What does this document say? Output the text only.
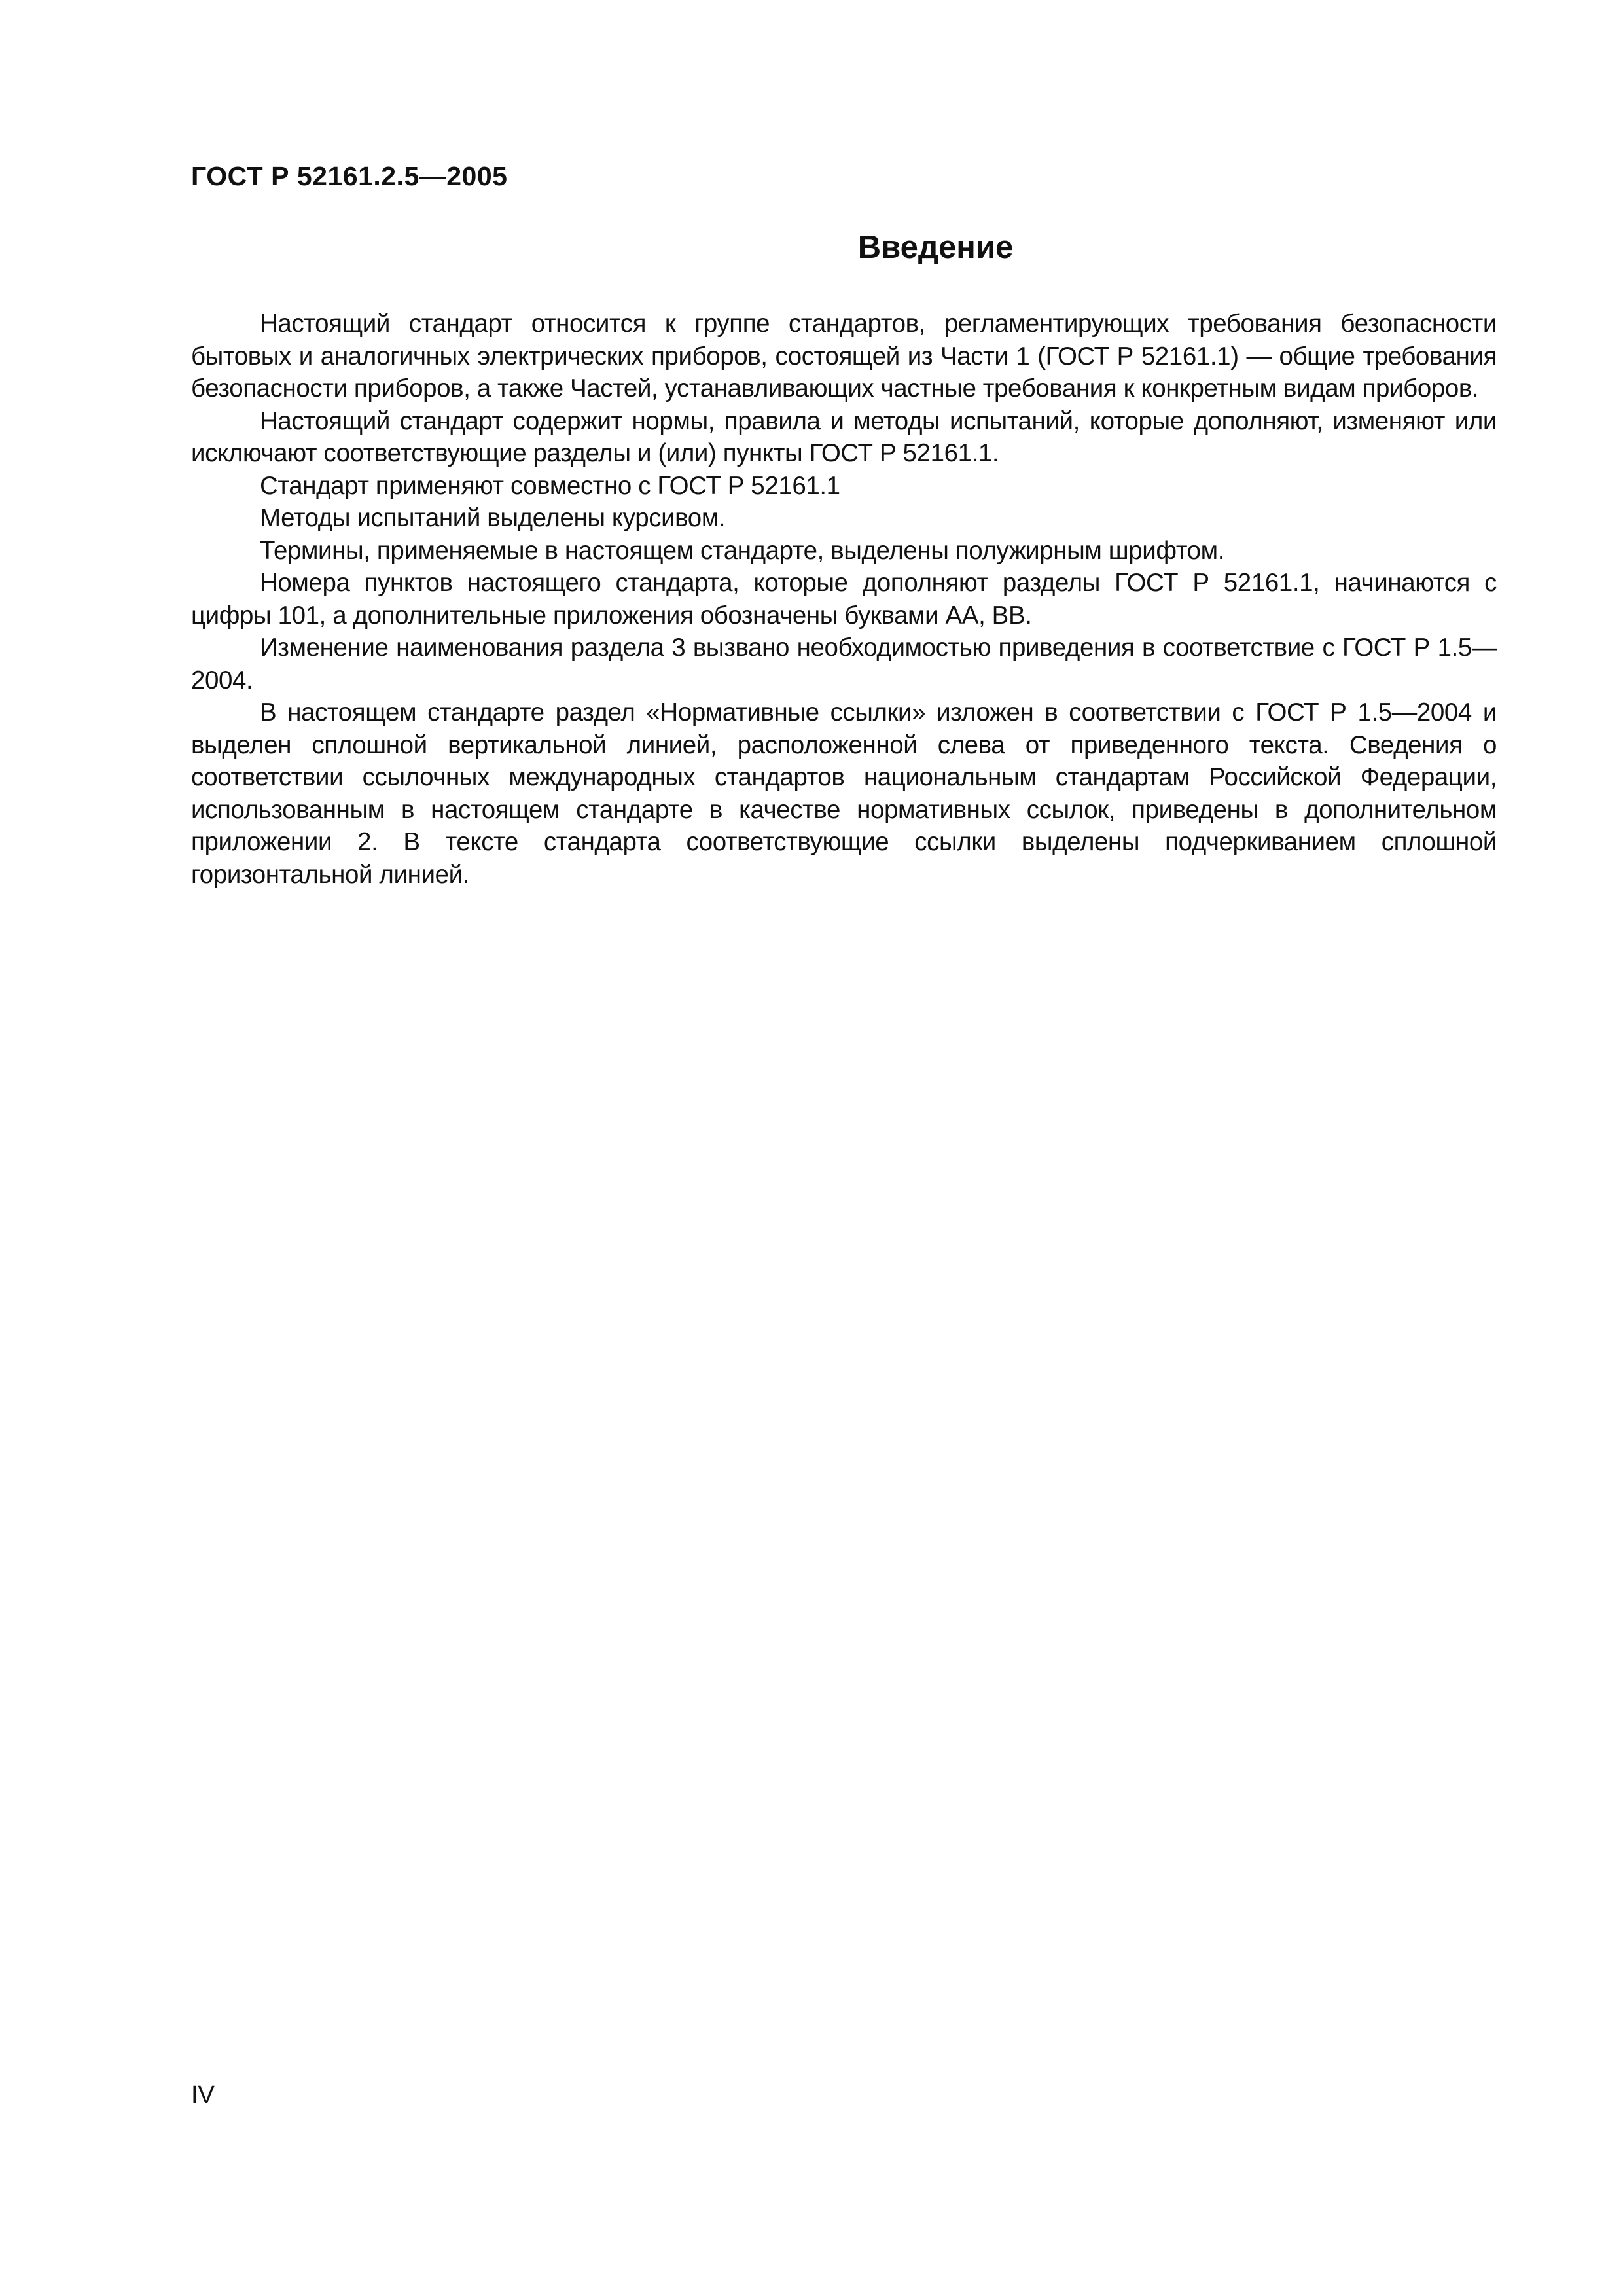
ГОСТ Р 52161.2.5—2005
Введение

Настоящий стандарт относится к группе стандартов, регламентирующих требования безопасности бытовых и аналогичных электрических приборов, состоящей из Части 1 (ГОСТ Р 52161.1) — общие требования безопасности приборов, а также Частей, устанавливающих частные требования к конкретным видам приборов.

Настоящий стандарт содержит нормы, правила и методы испытаний, которые дополняют, изменяют или исключают соответствующие разделы и (или) пункты ГОСТ Р 52161.1.

Стандарт применяют совместно с ГОСТ Р 52161.1

Методы испытаний выделены курсивом.

Термины, применяемые в настоящем стандарте, выделены полужирным шрифтом.

Номера пунктов настоящего стандарта, которые дополняют разделы ГОСТ Р 52161.1, начинаются с цифры 101, а дополнительные приложения обозначены буквами АА, ВВ.

Изменение наименования раздела 3 вызвано необходимостью приведения в соответствие с ГОСТ Р 1.5—2004.

В настоящем стандарте раздел «Нормативные ссылки» изложен в соответствии с ГОСТ Р 1.5—2004 и выделен сплошной вертикальной линией, расположенной слева от приведенного текста. Сведения о соответствии ссылочных международных стандартов национальным стандартам Российской Федерации, использованным в настоящем стандарте в качестве нормативных ссылок, приведены в дополнительном приложении 2. В тексте стандарта соответствующие ссылки выделены подчеркиванием сплошной горизонтальной линией.

IV
